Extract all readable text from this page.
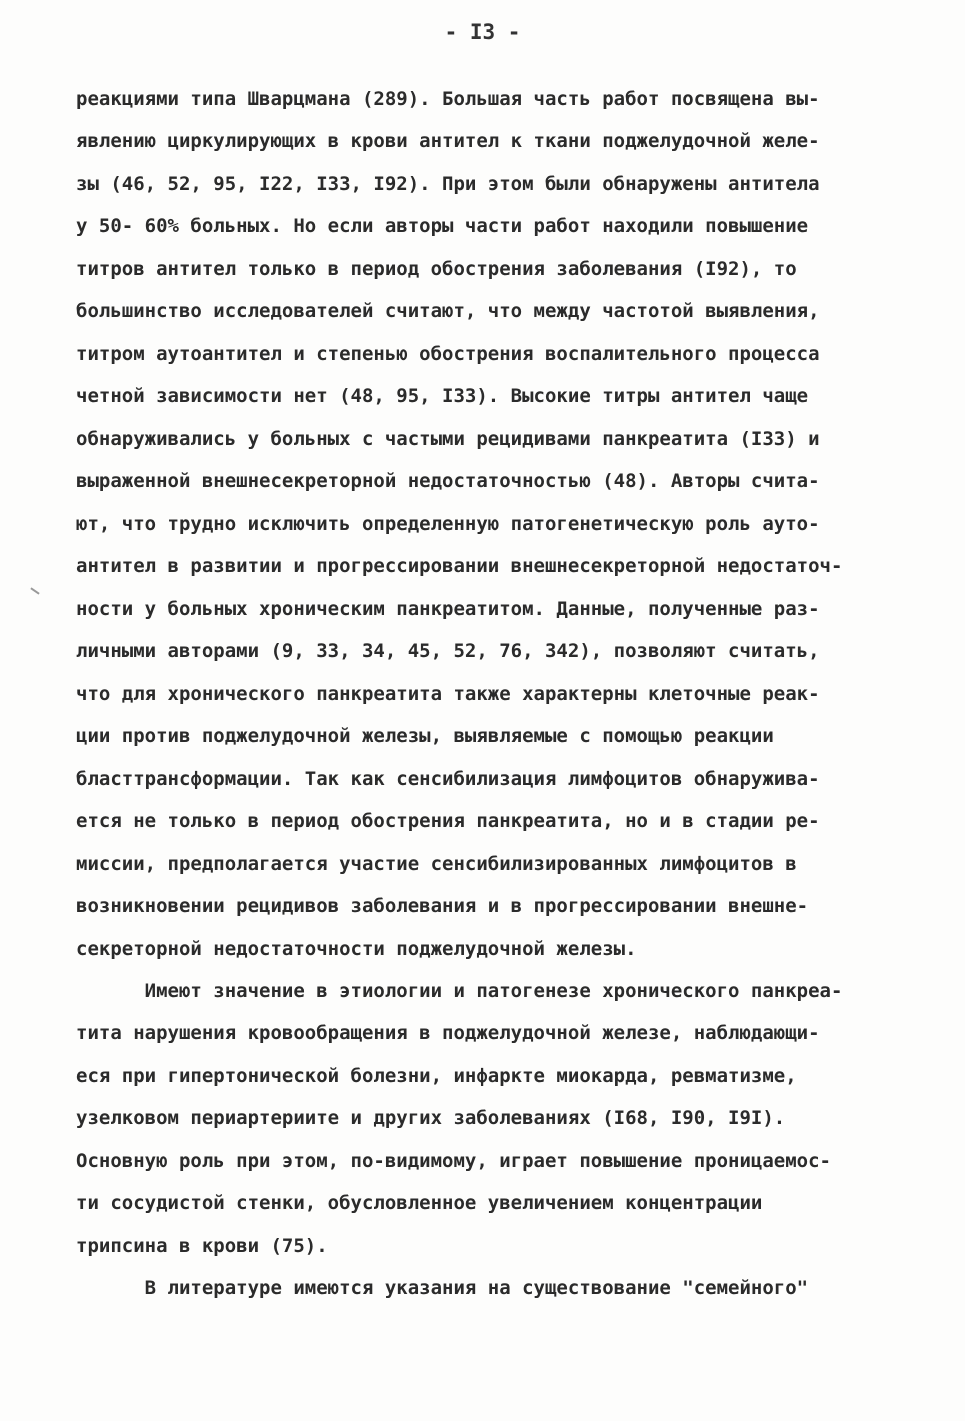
- I3 -
реакциями типа Шварцмана (289). Большая часть работ посвящена вы-
явлению циркулирующих в крови антител к ткани поджелудочной желе-
зы (46, 52, 95, I22, I33, I92). При этом были обнаружены антитела
у 50- 60% больных. Но если авторы части работ находили повышение
титров антител только в период обострения заболевания (I92), то
большинство исследователей считают, что между частотой выявления,
титром аутоантител и степенью обострения воспалительного процесса
четной зависимости нет (48, 95, I33). Высокие титры антител чаще
обнаруживались у больных с частыми рецидивами панкреатита (I33) и
выраженной внешнесекреторной недостаточностью (48). Авторы счита-
ют, что трудно исключить определенную патогенетическую роль ауто-
антител в развитии и прогрессировании внешнесекреторной недостаточ-
ности у больных хроническим панкреатитом. Данные, полученные раз-
личными авторами (9, 33, 34, 45, 52, 76, 342), позволяют считать,
что для хронического панкреатита также характерны клеточные реак-
ции против поджелудочной железы, выявляемые с помощью реакции
бласттрансформации. Так как сенсибилизация лимфоцитов обнаружива-
ется не только в период обострения панкреатита, но и в стадии ре-
миссии, предполагается участие сенсибилизированных лимфоцитов в
возникновении рецидивов заболевания и в прогрессировании внешне-
секреторной недостаточности поджелудочной железы.
Имеют значение в этиологии и патогенезе хронического панкреа-
тита нарушения кровообращения в поджелудочной железе, наблюдающи-
еся при гипертонической болезни, инфаркте миокарда, ревматизме,
узелковом периартериите и других заболеваниях (I68, I90, I9I).
Основную роль при этом, по-видимому, играет повышение проницаемос-
ти сосудистой стенки, обусловленное увеличением концентрации
трипсина в крови (75).
В литературе имеются указания на существование "семейного"
